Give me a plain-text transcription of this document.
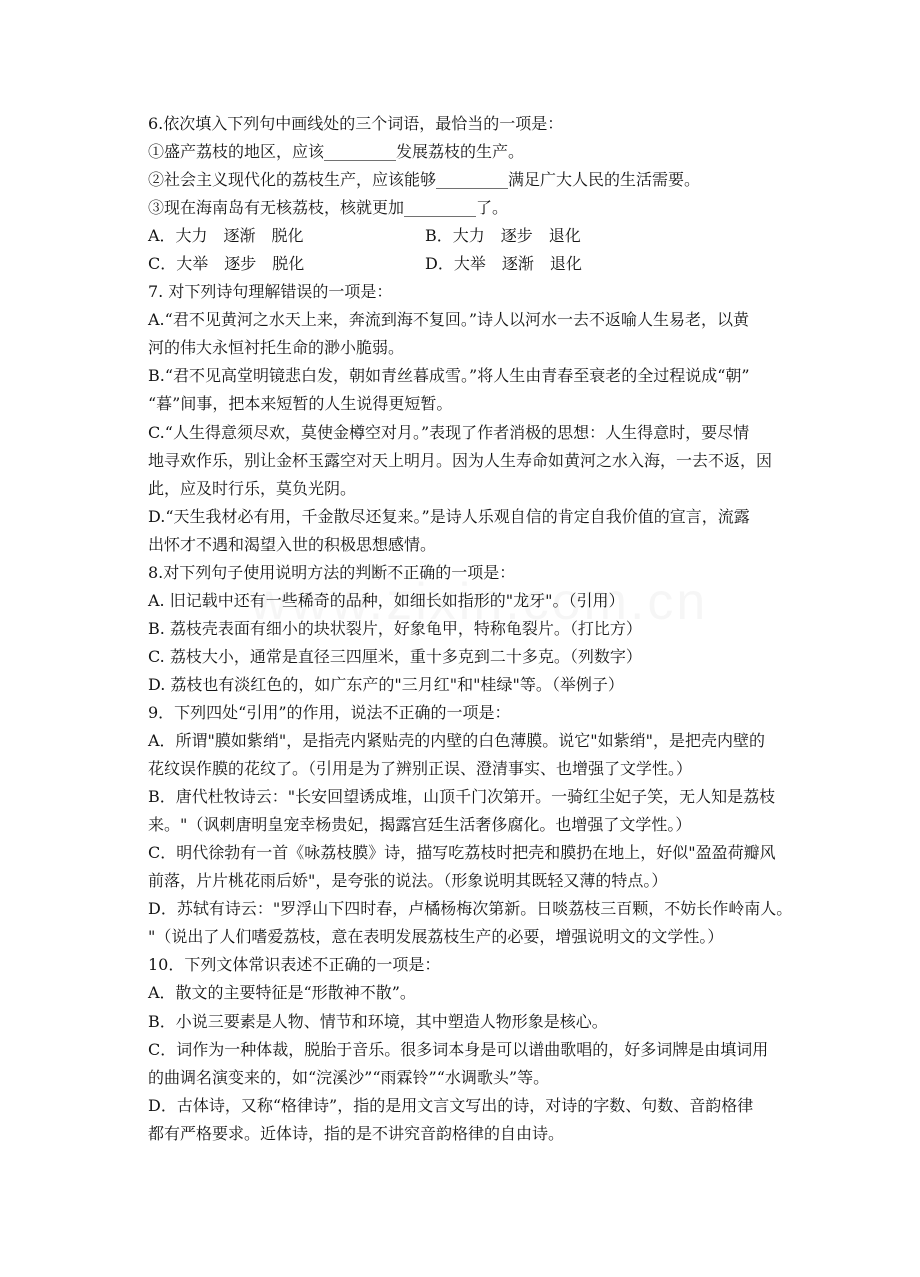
6.依次填入下列句中画线处的三个词语，最恰当的一项是：
①盛产荔枝的地区，应该_________发展荔枝的生产。
②社会主义现代化的荔枝生产，应该能够_________满足广大人民的生活需要。
③现在海南岛有无核荔枝，核就更加_________了。
A．大力　逐渐　脱化	B．大力　逐步　退化
C．大举　逐步　脱化	D．大举　逐渐　退化
7. 对下列诗句理解错误的一项是：
A.“君不见黄河之水天上来，奔流到海不复回。”诗人以河水一去不返喻人生易老，以黄
河的伟大永恒衬托生命的渺小脆弱。
B.“君不见高堂明镜悲白发，朝如青丝暮成雪。”将人生由青春至衰老的全过程说成“朝”
“暮”间事，把本来短暂的人生说得更短暂。
C.“人生得意须尽欢，莫使金樽空对月。”表现了作者消极的思想：人生得意时，要尽情
地寻欢作乐，别让金杯玉露空对天上明月。因为人生寿命如黄河之水入海，一去不返，因
此，应及时行乐，莫负光阴。
D.“天生我材必有用，千金散尽还复来。”是诗人乐观自信的肯定自我价值的宣言，流露
出怀才不遇和渴望入世的积极思想感情。
8.对下列句子使用说明方法的判断不正确的一项是：
A. 旧记载中还有一些稀奇的品种，如细长如指形的"龙牙"。（引用）
B. 荔枝壳表面有细小的块状裂片，好象龟甲，特称龟裂片。（打比方）
C. 荔枝大小，通常是直径三四厘米，重十多克到二十多克。（列数字）
D. 荔枝也有淡红色的，如广东产的"三月红"和"桂绿"等。（举例子）
9．下列四处“引用”的作用，说法不正确的一项是：
A．所谓"膜如紫绡"，是指壳内紧贴壳的内壁的白色薄膜。说它"如紫绡"，是把壳内壁的
花纹误作膜的花纹了。（引用是为了辨别正误、澄清事实、也增强了文学性。）
B．唐代杜牧诗云："长安回望诱成堆，山顶千门次第开。一骑红尘妃子笑，无人知是荔枝
来。"（讽刺唐明皇宠幸杨贵妃，揭露宫廷生活奢侈腐化。也增强了文学性。）
C．明代徐勃有一首《咏荔枝膜》诗，描写吃荔枝时把壳和膜扔在地上，好似"盈盈荷瓣风
前落，片片桃花雨后娇"，是夸张的说法。（形象说明其既轻又薄的特点。）
D．苏轼有诗云："罗浮山下四时春，卢橘杨梅次第新。日啖荔枝三百颗，不妨长作岭南人。
"（说出了人们嗜爱荔枝，意在表明发展荔枝生产的必要，增强说明文的文学性。）
10．下列文体常识表述不正确的一项是：
A．散文的主要特征是“形散神不散”。
B．小说三要素是人物、情节和环境，其中塑造人物形象是核心。
C．词作为一种体裁，脱胎于音乐。很多词本身是可以谱曲歌唱的，好多词牌是由填词用
的曲调名演变来的，如“浣溪沙”“雨霖铃”“水调歌头”等。
D．古体诗，又称“格律诗”，指的是用文言文写出的诗，对诗的字数、句数、音韵格律
都有严格要求。近体诗，指的是不讲究音韵格律的自由诗。
